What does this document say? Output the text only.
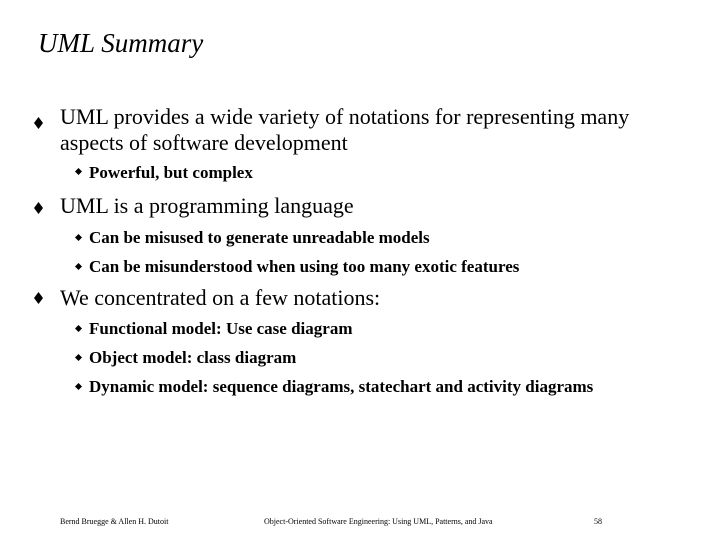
UML Summary
UML provides a wide variety of notations for representing many aspects of software development
Powerful, but complex
UML is a programming language
Can be misused to generate unreadable models
Can be misunderstood when using too many exotic features
We concentrated on a few notations:
Functional model: Use case diagram
Object model: class diagram
Dynamic model: sequence diagrams, statechart and activity diagrams
Bernd Bruegge & Allen H. Dutoit	Object-Oriented Software Engineering: Using UML, Patterns, and Java	58
